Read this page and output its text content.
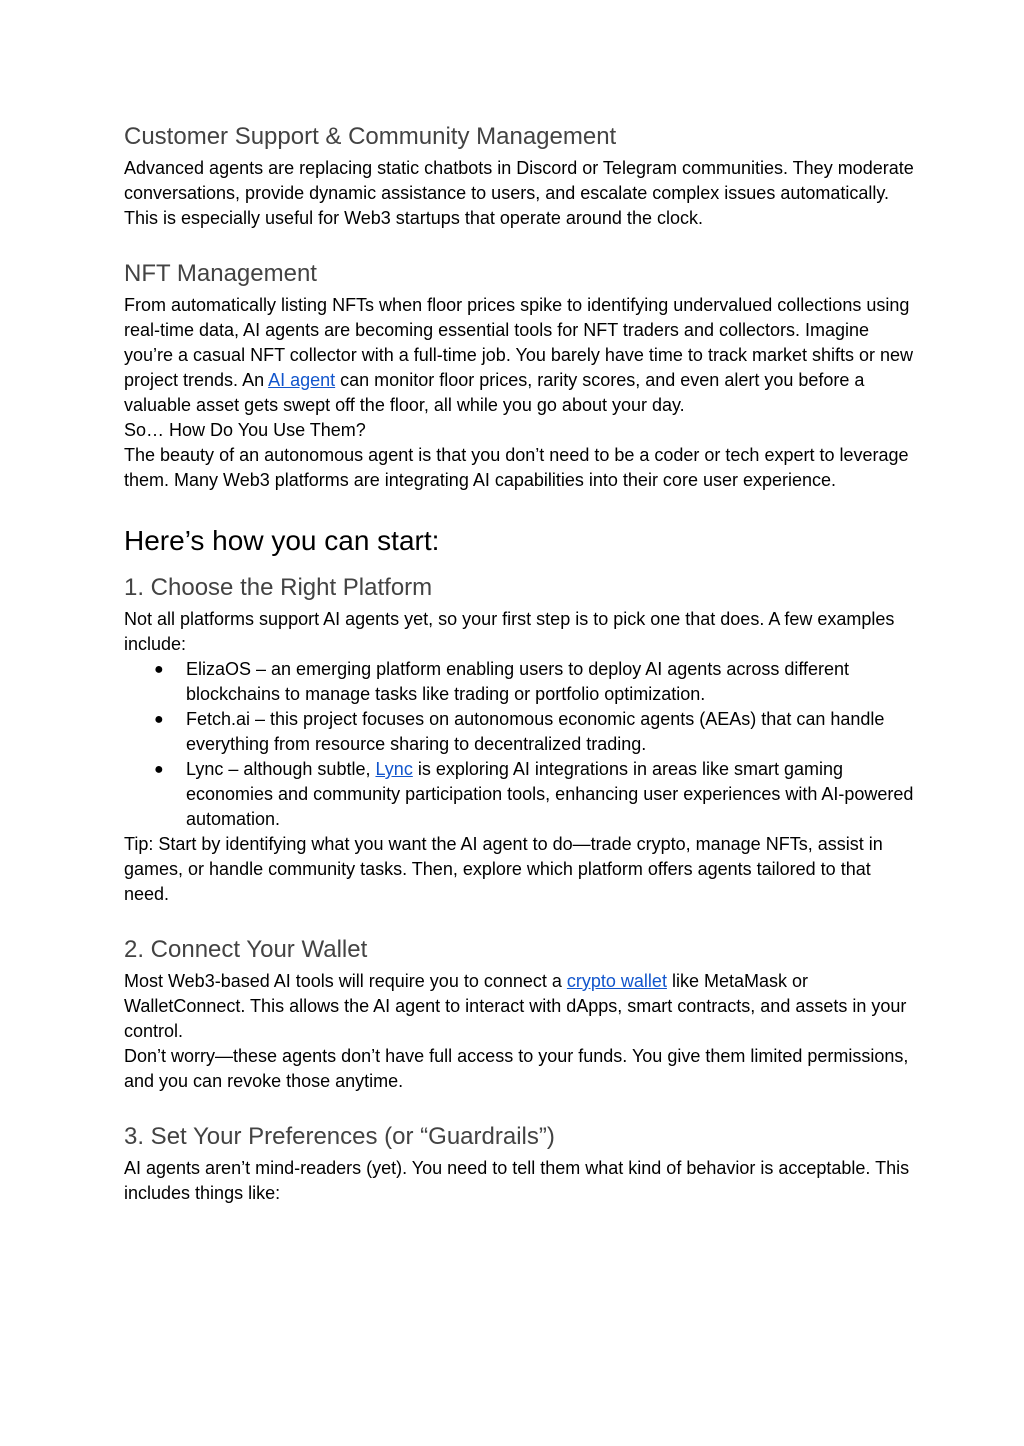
Customer Support & Community Management

Advanced agents are replacing static chatbots in Discord or Telegram communities. They moderate conversations, provide dynamic assistance to users, and escalate complex issues automatically. This is especially useful for Web3 startups that operate around the clock.

NFT Management

From automatically listing NFTs when floor prices spike to identifying undervalued collections using real-time data, AI agents are becoming essential tools for NFT traders and collectors. Imagine you’re a casual NFT collector with a full-time job. You barely have time to track market shifts or new project trends. An AI agent can monitor floor prices, rarity scores, and even alert you before a valuable asset gets swept off the floor, all while you go about your day.

So… How Do You Use Them?

The beauty of an autonomous agent is that you don’t need to be a coder or tech expert to leverage them. Many Web3 platforms are integrating AI capabilities into their core user experience.

Here’s how you can start:
1. Choose the Right Platform

Not all platforms support AI agents yet, so your first step is to pick one that does. A few examples include:

● ElizaOS – an emerging platform enabling users to deploy AI agents across different blockchains to manage tasks like trading or portfolio optimization.
● Fetch.ai – this project focuses on autonomous economic agents (AEAs) that can handle everything from resource sharing to decentralized trading.
● Lync – although subtle, Lync is exploring AI integrations in areas like smart gaming economies and community participation tools, enhancing user experiences with AI-powered automation.

Tip: Start by identifying what you want the AI agent to do—trade crypto, manage NFTs, assist in games, or handle community tasks. Then, explore which platform offers agents tailored to that need.

2. Connect Your Wallet

Most Web3-based AI tools will require you to connect a crypto wallet like MetaMask or WalletConnect. This allows the AI agent to interact with dApps, smart contracts, and assets in your control.

Don’t worry—these agents don’t have full access to your funds. You give them limited permissions, and you can revoke those anytime.

3. Set Your Preferences (or “Guardrails”)

AI agents aren’t mind-readers (yet). You need to tell them what kind of behavior is acceptable. This includes things like:
